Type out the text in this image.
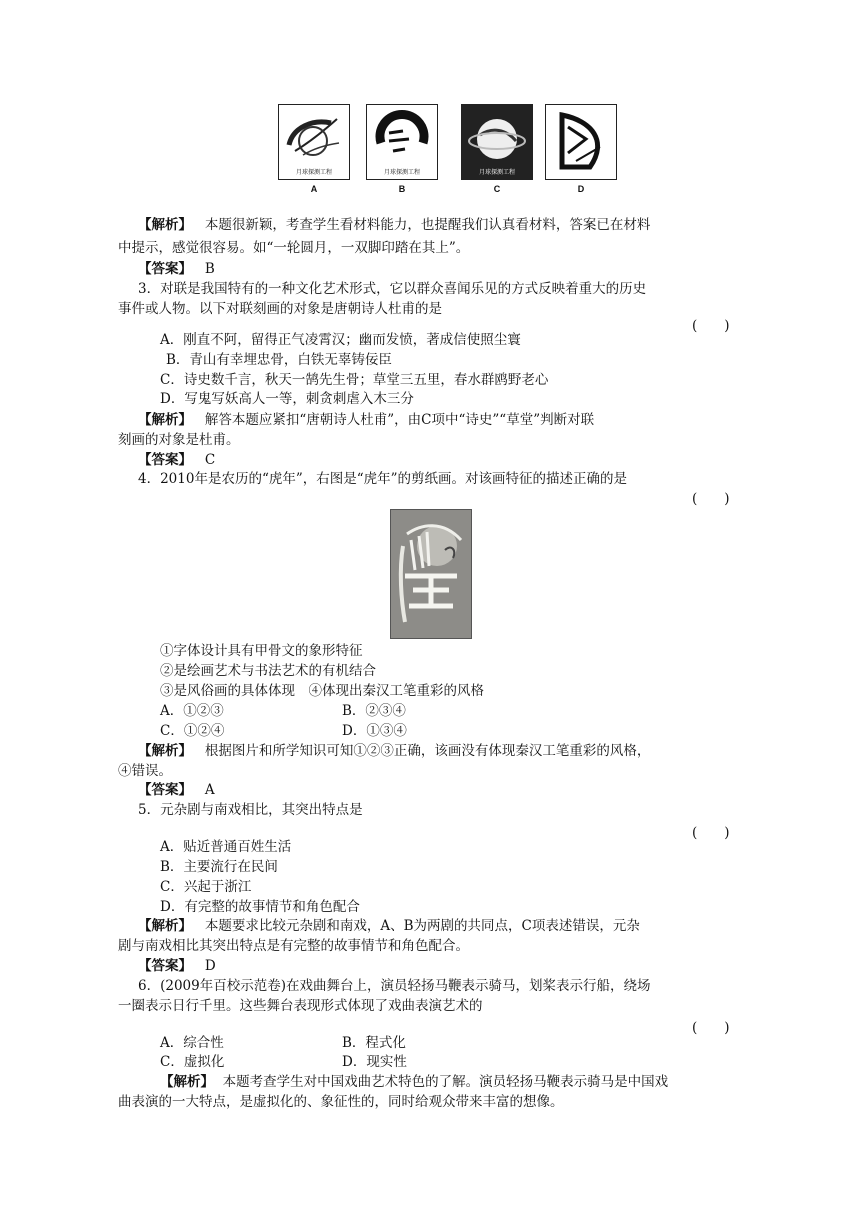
月球探测工程
A
月球探测工程
B
月球探测工程
C	D
【解析】 本题很新颖，考查学生看材料能力，也提醒我们认真看材料，答案已在材料
中提示，感觉很容易。如“一轮圆月，一双脚印踏在其上”。
【答案】 B
3．对联是我国特有的一种文化艺术形式，它以群众喜闻乐见的方式反映着重大的历史
事件或人物。以下对联刻画的对象是唐朝诗人杜甫的是
(　　)
A．刚直不阿，留得正气凌霄汉；幽而发愤，著成信使照尘寰
B．青山有幸埋忠骨，白铁无辜铸佞臣
C．诗史数千言，秋天一鹄先生骨；草堂三五里，春水群鸥野老心
D．写鬼写妖高人一等，刺贪刺虐入木三分
【解析】 解答本题应紧扣“唐朝诗人杜甫”，由C项中“诗史”“草堂”判断对联
刻画的对象是杜甫。
【答案】 C
4．2010年是农历的“虎年”，右图是“虎年”的剪纸画。对该画特征的描述正确的是
(　　)
①字体设计具有甲骨文的象形特征
②是绘画艺术与书法艺术的有机结合
③是风俗画的具体体现　④体现出秦汉工笔重彩的风格
A．①②③	B．②③④
C．①②④	D．①③④
【解析】 根据图片和所学知识可知①②③正确，该画没有体现秦汉工笔重彩的风格，
④错误。
【答案】 A
5．元杂剧与南戏相比，其突出特点是
(　　)
A．贴近普通百姓生活
B．主要流行在民间
C．兴起于浙江
D．有完整的故事情节和角色配合
【解析】 本题要求比较元杂剧和南戏，A、B为两剧的共同点，C项表述错误，元杂
剧与南戏相比其突出特点是有完整的故事情节和角色配合。
【答案】 D
6．(2009年百校示范卷)在戏曲舞台上，演员轻扬马鞭表示骑马，划桨表示行船，绕场
一圈表示日行千里。这些舞台表现形式体现了戏曲表演艺术的
(　　)
A．综合性	B．程式化
C．虚拟化	D．现实性
【解析】 本题考查学生对中国戏曲艺术特色的了解。演员轻扬马鞭表示骑马是中国戏
曲表演的一大特点，是虚拟化的、象征性的，同时给观众带来丰富的想像。
